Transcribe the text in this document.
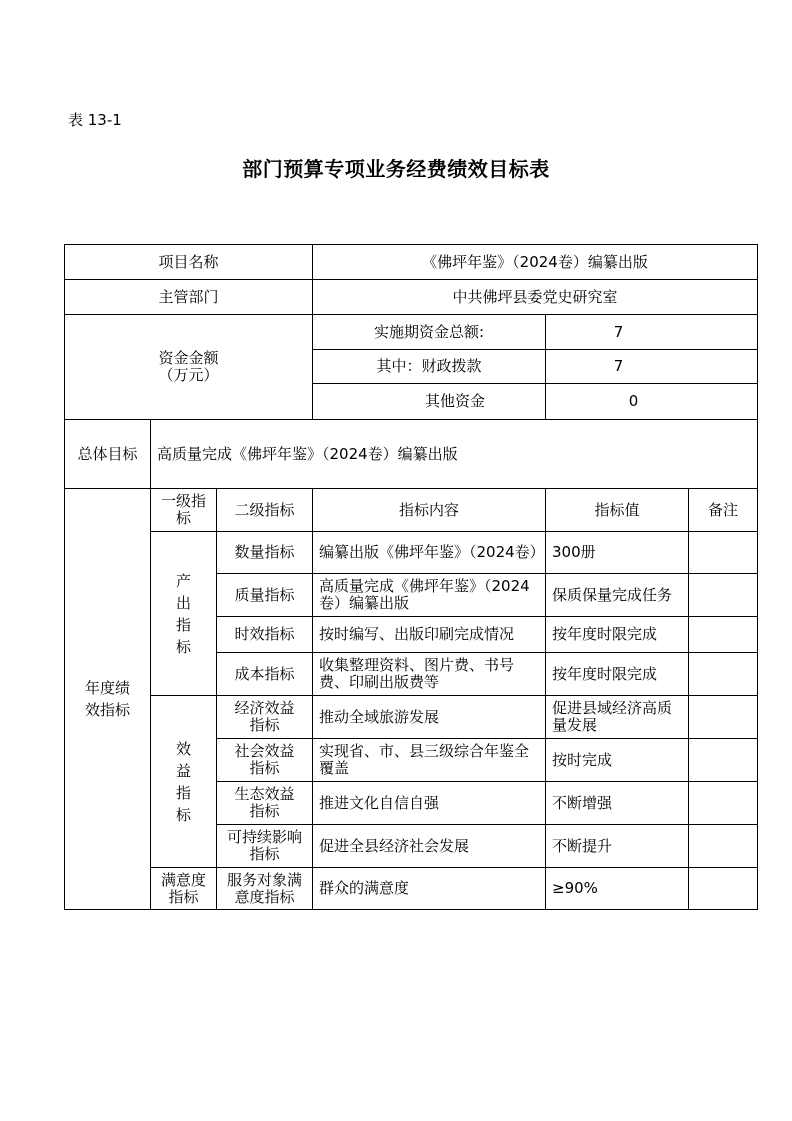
表 13-1
部门预算专项业务经费绩效目标表
项目名称			《佛坪年鉴》（2024卷）编纂出版		
主管部门			中共佛坪县委党史研究室		

资金金额
（万元）			实施期资金总额:	7	
			其中：财政拨款	7	
			其他资金	0	
总体目标	高质量完成《佛坪年鉴》（2024卷）编纂出版				
年度绩效指标	一级指标	二级指标	指标内容	指标值	备注
	产出指标	数量指标	编纂出版《佛坪年鉴》（2024卷）	300册	
		质量指标	高质量完成《佛坪年鉴》（2024卷）编纂出版	保质保量完成任务	
		时效指标	按时编写、出版印刷完成情况	按年度时限完成	
		成本指标	收集整理资料、图片费、书号费、印刷出版费等	按年度时限完成	
	效益指标	经济效益指标	推动全域旅游发展	促进县域经济高质量发展	
		社会效益指标	实现省、市、县三级综合年鉴全覆盖	按时完成	
		生态效益指标	推进文化自信自强	不断增强	
		可持续影响指标	促进全县经济社会发展	不断提升	
	满意度指标	服务对象满意度指标	群众的满意度	≥90%	
